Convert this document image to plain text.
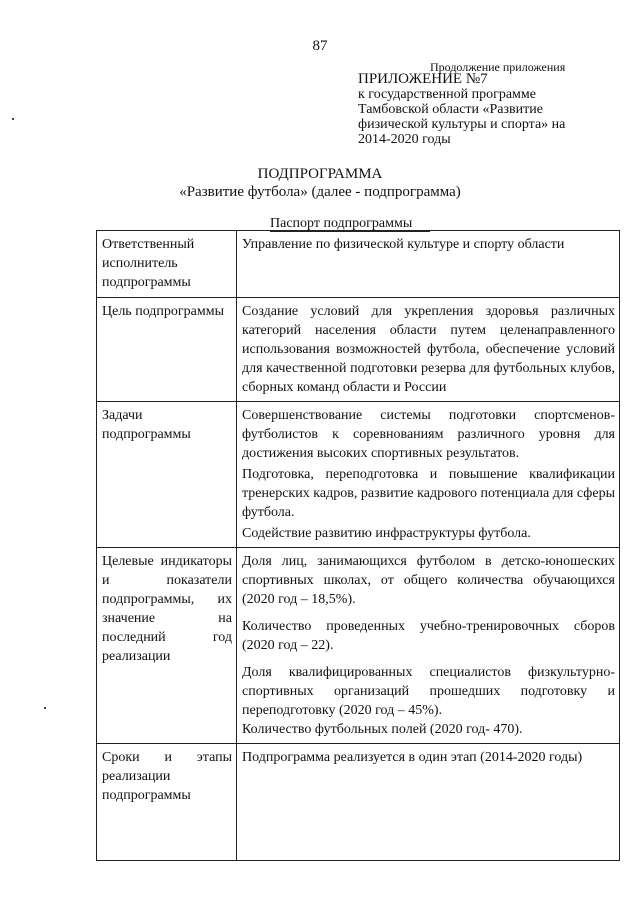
87
Продолжение приложения
ПРИЛОЖЕНИЕ №7
к государственной программе
Тамбовской области «Развитие
физической культуры и спорта» на
2014-2020 годы
ПОДПРОГРАММА
«Развитие футбола» (далее - подпрограмма)
Паспорт подпрограммы
Ответственный исполнитель подпрограммы	Управление по физической культуре и спорту области
Цель подпрограммы	Создание условий для укрепления здоровья различных категорий населения области путем целенаправленного использования возможностей футбола, обеспечение условий для качественной подготовки резерва для футбольных клубов, сборных команд области и России
Задачи подпрограммы	Совершенствование системы подготовки спортсменов-футболистов к соревнованиям различного уровня для достижения высоких спортивных результатов.
Подготовка, переподготовка и повышение квалификации тренерских кадров, развитие кадрового потенциала для сферы футбола.
Содействие развитию инфраструктуры футбола.

Целевые индикаторы и показатели подпрограммы, их значение на последний год реализации	Доля лиц, занимающихся футболом в детско-юношеских спортивных школах, от общего количества обучающихся (2020 год – 18,5%).
Количество проведенных учебно-тренировочных сборов (2020 год – 22).
Доля квалифицированных специалистов физкультурно-спортивных организаций прошедших подготовку и переподготовку (2020 год – 45%).
Количество футбольных полей (2020 год- 470).

Сроки и этапы реализации подпрограммы	Подпрограмма реализуется в один этап (2014-2020 годы)
